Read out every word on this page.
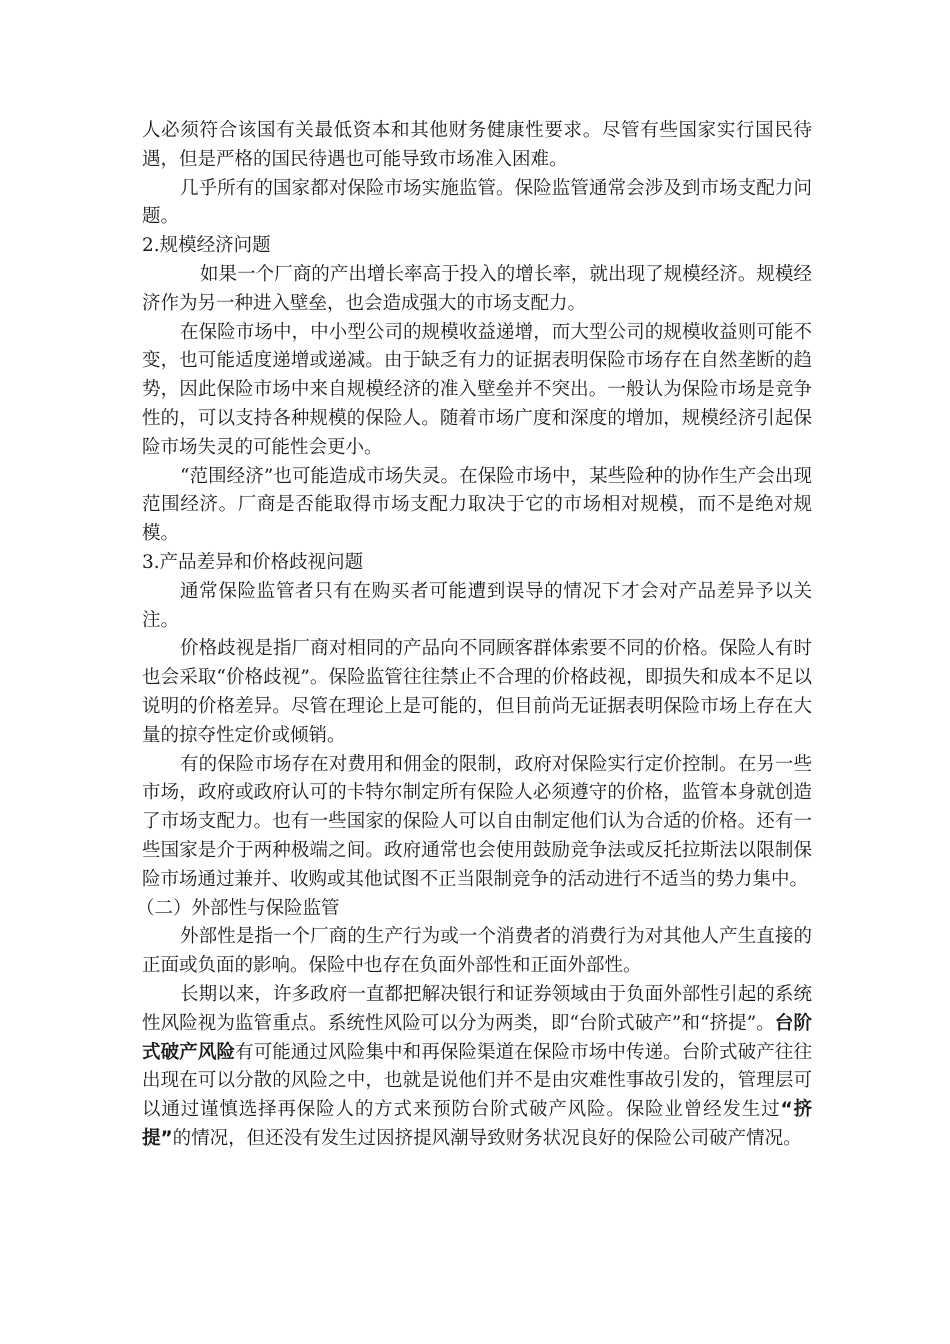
人必须符合该国有关最低资本和其他财务健康性要求。尽管有些国家实行国民待遇，但是严格的国民待遇也可能导致市场准入困难。

几乎所有的国家都对保险市场实施监管。保险监管通常会涉及到市场支配力问题。

2.规模经济问题

如果一个厂商的产出增长率高于投入的增长率，就出现了规模经济。规模经济作为另一种进入壁垒，也会造成强大的市场支配力。

在保险市场中，中小型公司的规模收益递增，而大型公司的规模收益则可能不变，也可能适度递增或递减。由于缺乏有力的证据表明保险市场存在自然垄断的趋势，因此保险市场中来自规模经济的准入壁垒并不突出。一般认为保险市场是竞争性的，可以支持各种规模的保险人。随着市场广度和深度的增加，规模经济引起保险市场失灵的可能性会更小。

“范围经济”也可能造成市场失灵。在保险市场中，某些险种的协作生产会出现范围经济。厂商是否能取得市场支配力取决于它的市场相对规模，而不是绝对规模。

3.产品差异和价格歧视问题

通常保险监管者只有在购买者可能遭到误导的情况下才会对产品差异予以关注。

价格歧视是指厂商对相同的产品向不同顾客群体索要不同的价格。保险人有时也会采取“价格歧视”。保险监管往往禁止不合理的价格歧视，即损失和成本不足以说明的价格差异。尽管在理论上是可能的，但目前尚无证据表明保险市场上存在大量的掠夺性定价或倾销。

有的保险市场存在对费用和佣金的限制，政府对保险实行定价控制。在另一些市场，政府或政府认可的卡特尔制定所有保险人必须遵守的价格，监管本身就创造了市场支配力。也有一些国家的保险人可以自由制定他们认为合适的价格。还有一些国家是介于两种极端之间。政府通常也会使用鼓励竞争法或反托拉斯法以限制保险市场通过兼并、收购或其他试图不正当限制竞争的活动进行不适当的势力集中。

（二）外部性与保险监管

外部性是指一个厂商的生产行为或一个消费者的消费行为对其他人产生直接的正面或负面的影响。保险中也存在负面外部性和正面外部性。

长期以来，许多政府一直都把解决银行和证券领域由于负面外部性引起的系统性风险视为监管重点。系统性风险可以分为两类，即“台阶式破产”和“挤提”。台阶式破产风险有可能通过风险集中和再保险渠道在保险市场中传递。台阶式破产往往出现在可以分散的风险之中，也就是说他们并不是由灾难性事故引发的，管理层可以通过谨慎选择再保险人的方式来预防台阶式破产风险。保险业曾经发生过“挤提”的情况，但还没有发生过因挤提风潮导致财务状况良好的保险公司破产情况。
